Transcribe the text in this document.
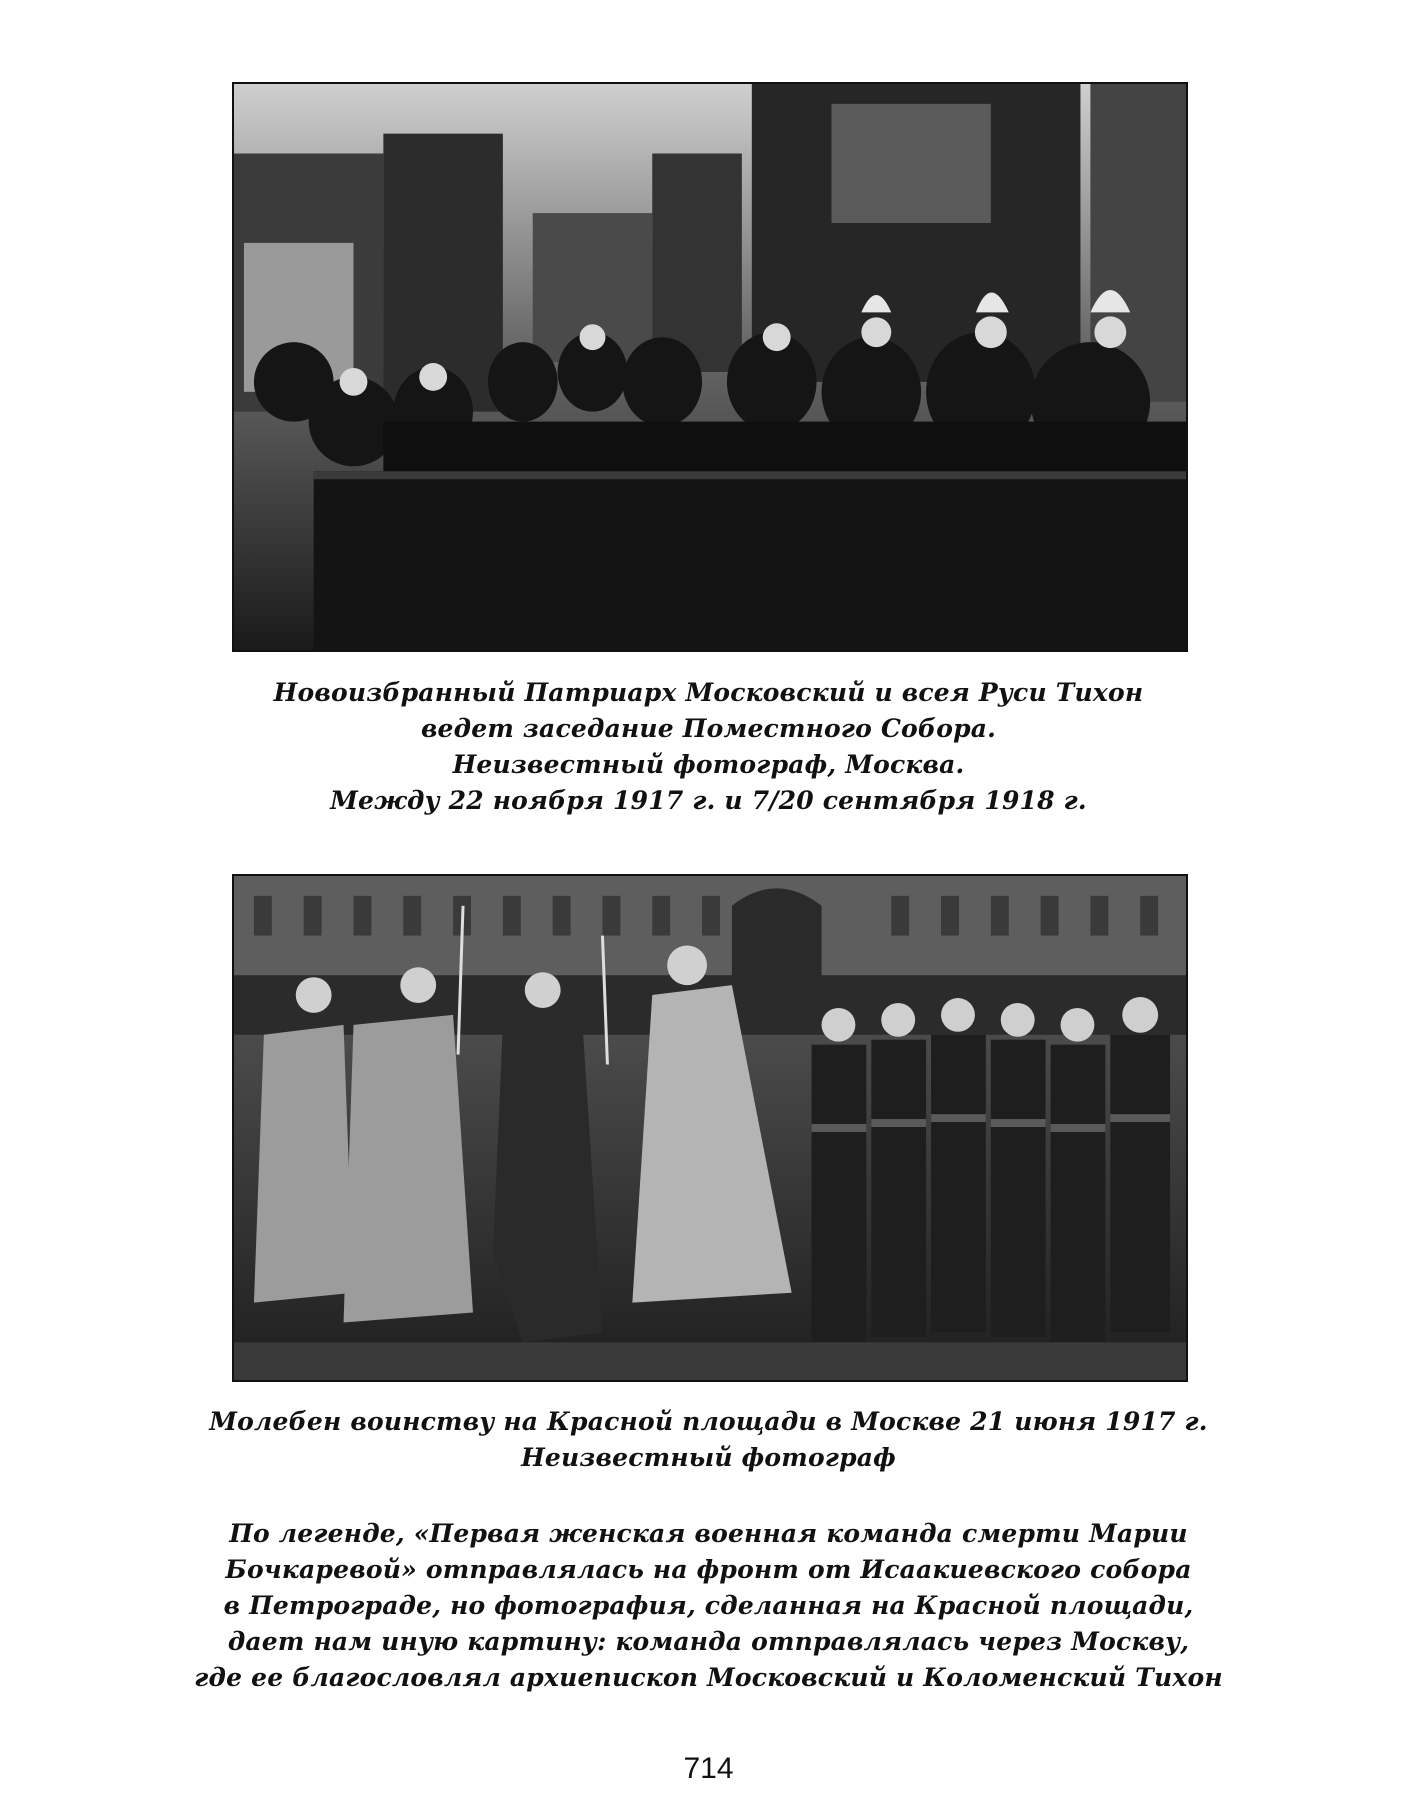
Новоизбранный Патриарх Московский и всея Руси Тихон
ведет заседание Поместного Собора.
Неизвестный фотограф, Москва.
Между 22 ноября 1917 г. и 7/20 сентября 1918 г.
Молебен воинству на Красной площади в Москве 21 июня 1917 г.
Неизвестный фотограф
По легенде, «Первая женская военная команда смерти Марии
Бочкаревой» отправлялась на фронт от Исаакиевского собора
в Петрограде, но фотография, сделанная на Красной площади,
дает нам иную картину: команда отправлялась через Москву,
где ее благословлял архиепископ Московский и Коломенский Тихон
714
